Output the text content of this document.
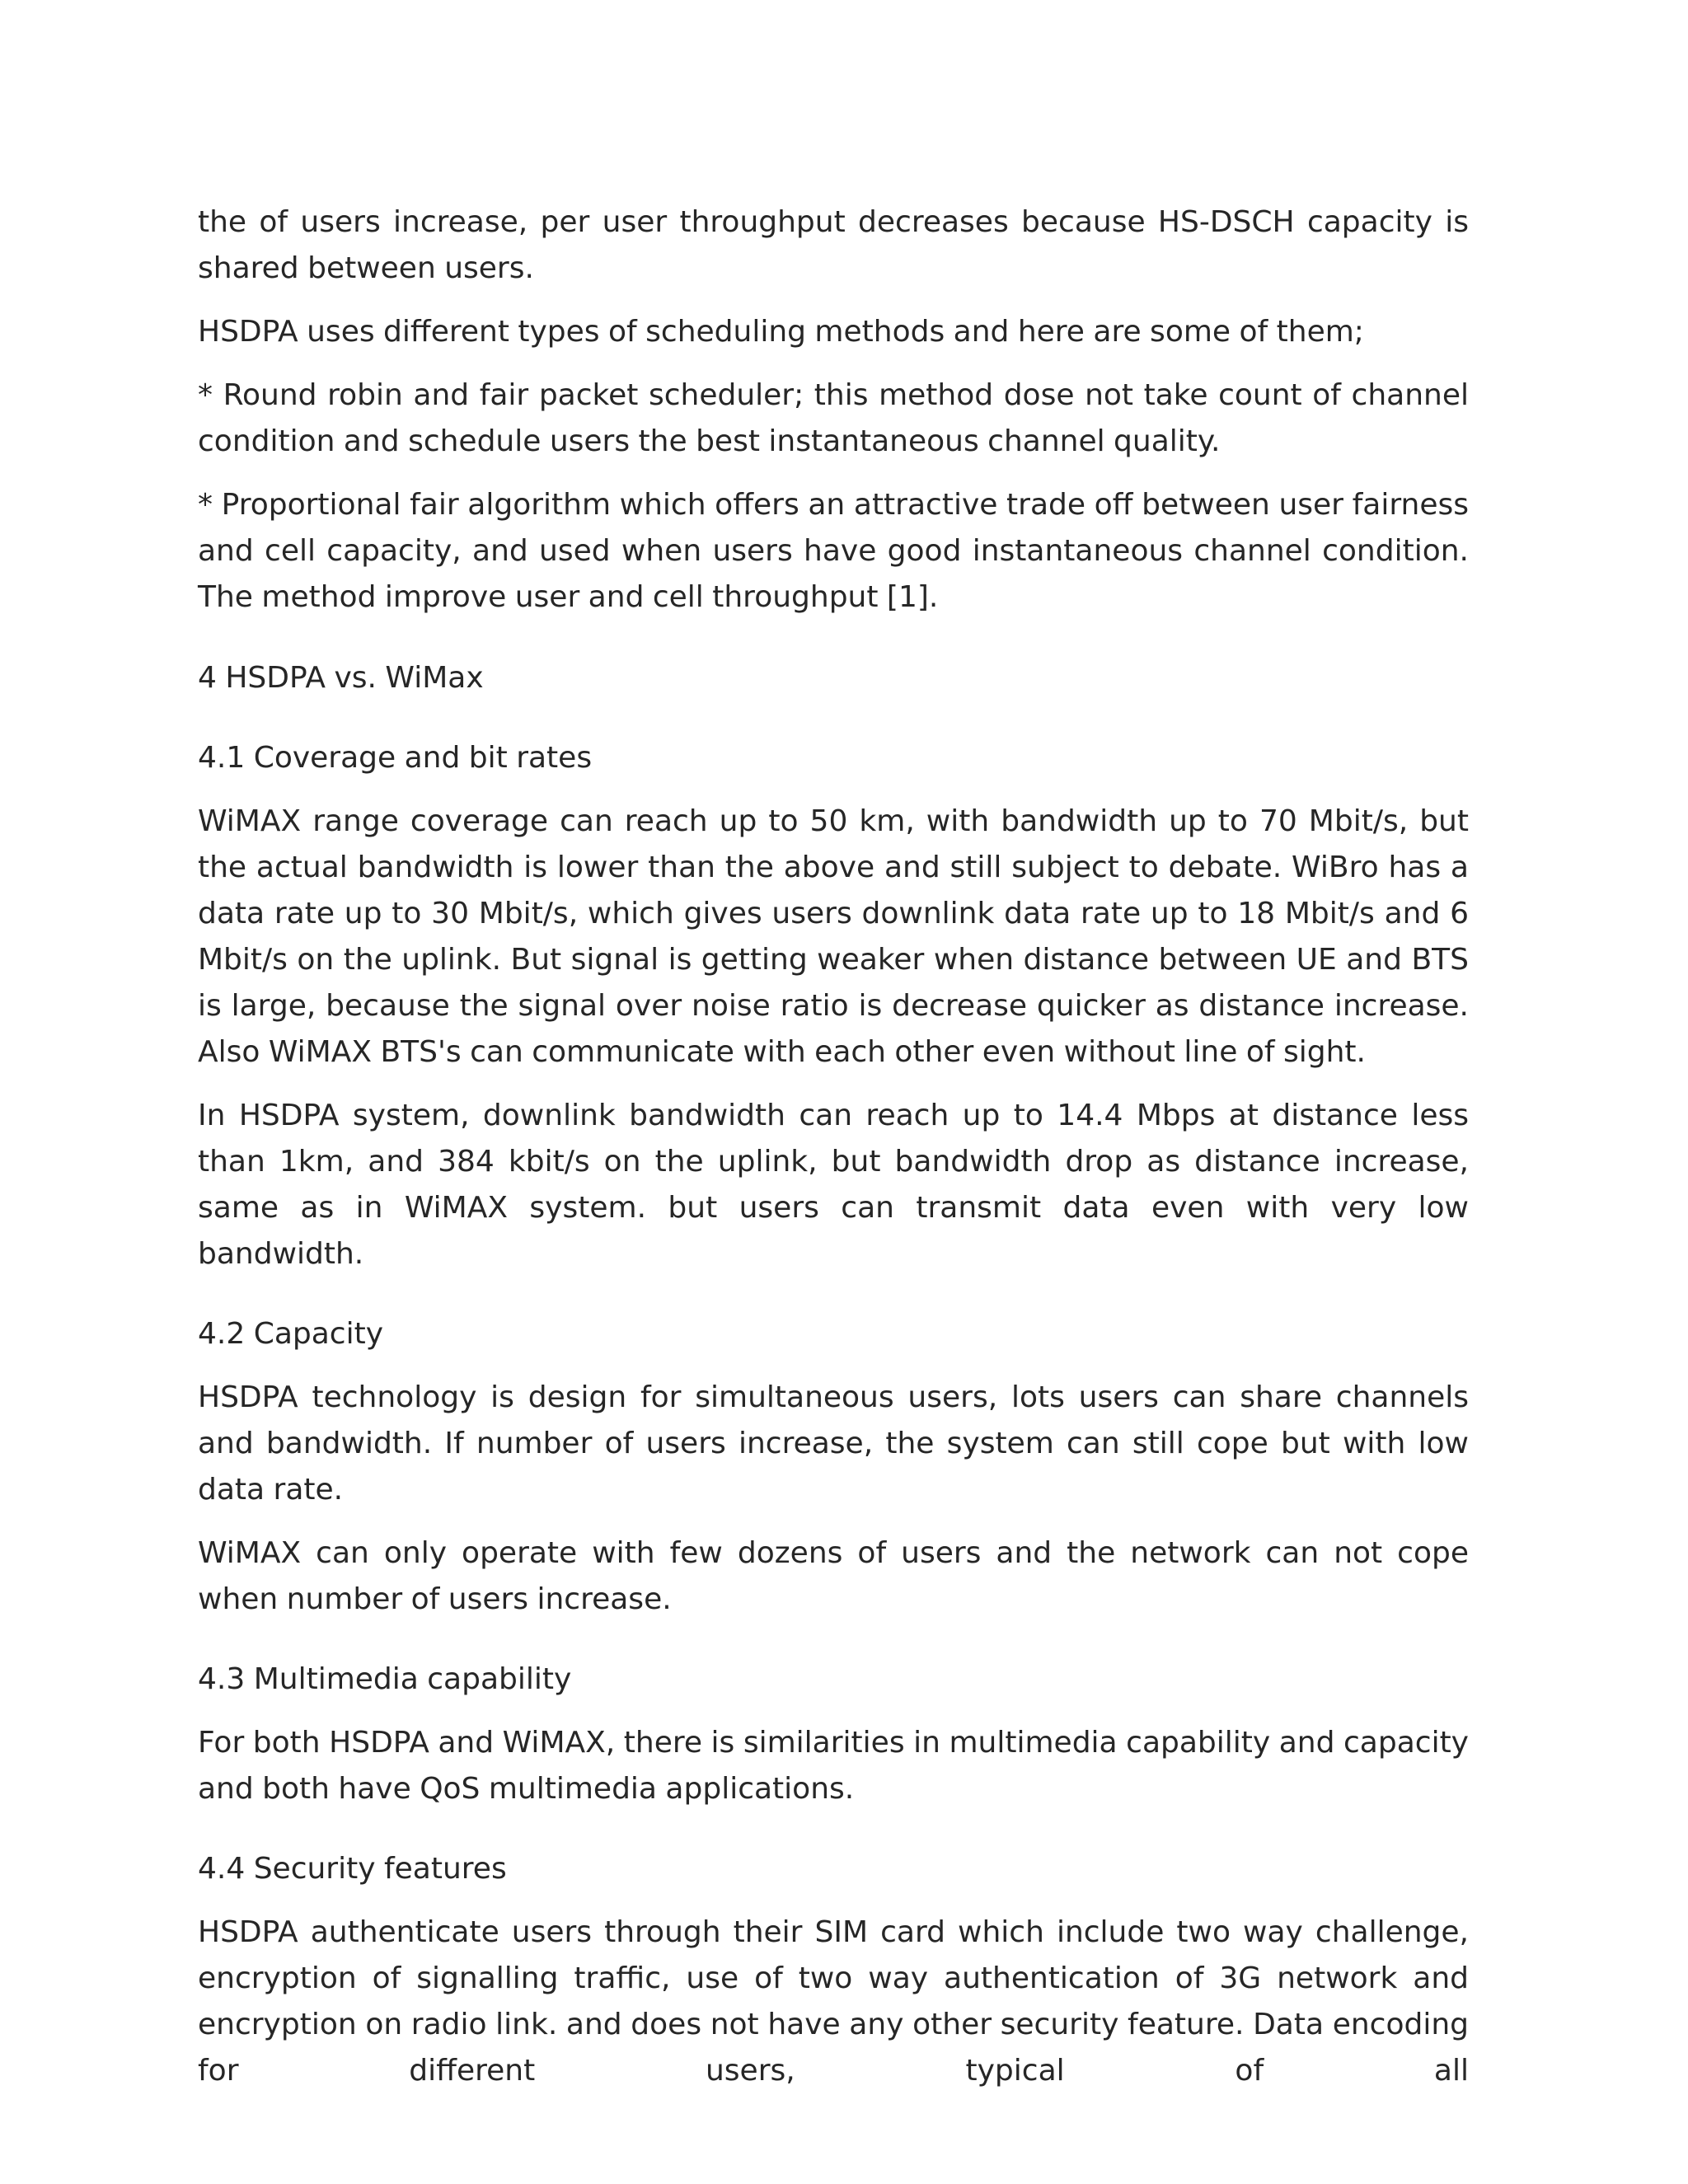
the of users increase, per user throughput decreases because HS-DSCH capacity is shared between users.

HSDPA uses different types of scheduling methods and here are some of them;

* Round robin and fair packet scheduler; this method dose not take count of channel condition and schedule users the best instantaneous channel quality.

* Proportional fair algorithm which offers an attractive trade off between user fairness and cell capacity, and used when users have good instantaneous channel condition. The method improve user and cell throughput [1].

4 HSDPA vs. WiMax

4.1 Coverage and bit rates

WiMAX range coverage can reach up to 50 km, with bandwidth up to 70 Mbit/s, but the actual bandwidth is lower than the above and still subject to debate. WiBro has a data rate up to 30 Mbit/s, which gives users downlink data rate up to 18 Mbit/s and 6 Mbit/s on the uplink. But signal is getting weaker when distance between UE and BTS is large, because the signal over noise ratio is decrease quicker as distance increase. Also WiMAX BTS's can communicate with each other even without line of sight.

In HSDPA system, downlink bandwidth can reach up to 14.4 Mbps at distance less than 1km, and 384 kbit/s on the uplink, but bandwidth drop as distance increase, same as in WiMAX system. but users can transmit data even with very low bandwidth.

4.2 Capacity

HSDPA technology is design for simultaneous users, lots users can share channels and bandwidth. If number of users increase, the system can still cope but with low data rate.

WiMAX can only operate with few dozens of users and the network can not cope when number of users increase.

4.3 Multimedia capability

For both HSDPA and WiMAX, there is similarities in multimedia capability and capacity and both have QoS multimedia applications.

4.4 Security features

HSDPA authenticate users through their SIM card which include two way challenge, encryption of signalling traffic, use of two way authentication of 3G network and encryption on radio link. and does not have any other security feature. Data encoding for different users, typical of all
